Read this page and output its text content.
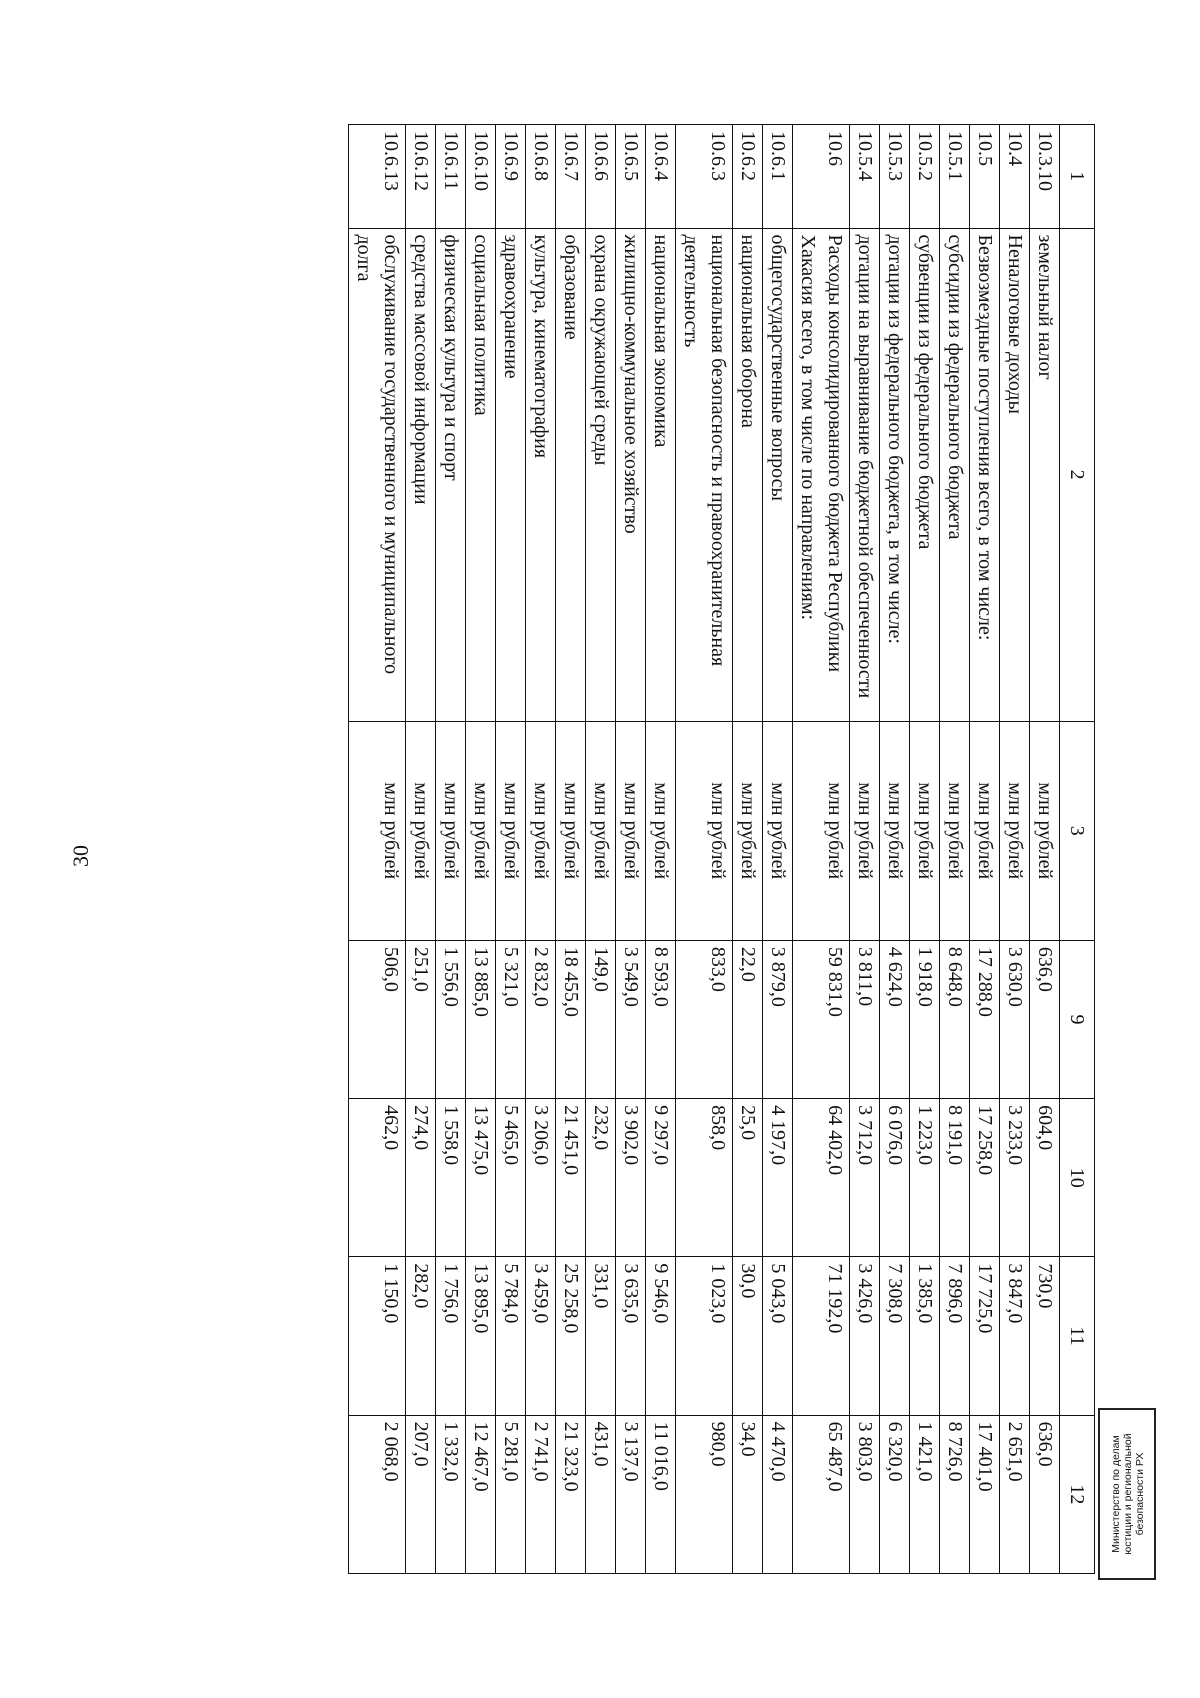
30
1	2	3	9	10	11	12
10.3.10	земельный налог	млн рублей	636,0	604,0	730,0	636,0
10.4	Неналоговые доходы	млн рублей	3 630,0	3 233,0	3 847,0	2 651,0
10.5	Безвозмездные поступления всего, в том числе:	млн рублей	17 288,0	17 258,0	17 725,0	17 401,0
10.5.1	субсидии из федерального бюджета	млн рублей	8 648,0	8 191,0	7 896,0	8 726,0
10.5.2	субвенции из федерального бюджета	млн рублей	1 918,0	1 223,0	1 385,0	1 421,0
10.5.3	дотации из федерального бюджета, в том числе:	млн рублей	4 624,0	6 076,0	7 308,0	6 320,0
10.5.4	дотации на выравнивание бюджетной обеспеченности	млн рублей	3 811,0	3 712,0	3 426,0	3 803,0
10.6	Расходы консолидированного бюджета Республики Хакасия всего, в том числе по направлениям:	млн рублей	59 831,0	64 402,0	71 192,0	65 487,0
10.6.1	общегосударственные вопросы	млн рублей	3 879,0	4 197,0	5 043,0	4 470,0
10.6.2	национальная оборона	млн рублей	22,0	25,0	30,0	34,0
10.6.3	национальная безопасность и правоохранительная деятельность	млн рублей	833,0	858,0	1 023,0	980,0
10.6.4	национальная экономика	млн рублей	8 593,0	9 297,0	9 546,0	11 016,0
10.6.5	жилищно-коммунальное хозяйство	млн рублей	3 549,0	3 902,0	3 635,0	3 137,0
10.6.6	охрана окружающей среды	млн рублей	149,0	232,0	331,0	431,0
10.6.7	образование	млн рублей	18 455,0	21 451,0	25 258,0	21 323,0
10.6.8	культура, кинематография	млн рублей	2 832,0	3 206,0	3 459,0	2 741,0
10.6.9	здравоохранение	млн рублей	5 321,0	5 465,0	5 784,0	5 281,0
10.6.10	социальная политика	млн рублей	13 885,0	13 475,0	13 895,0	12 467,0
10.6.11	физическая культура и спорт	млн рублей	1 556,0	1 558,0	1 756,0	1 332,0
10.6.12	средства массовой информации	млн рублей	251,0	274,0	282,0	207,0
10.6.13	обслуживание государственного и муниципального долга	млн рублей	506,0	462,0	1 150,0	2 068,0	Министерство по делам юстиции и региональной безопасности РХ
